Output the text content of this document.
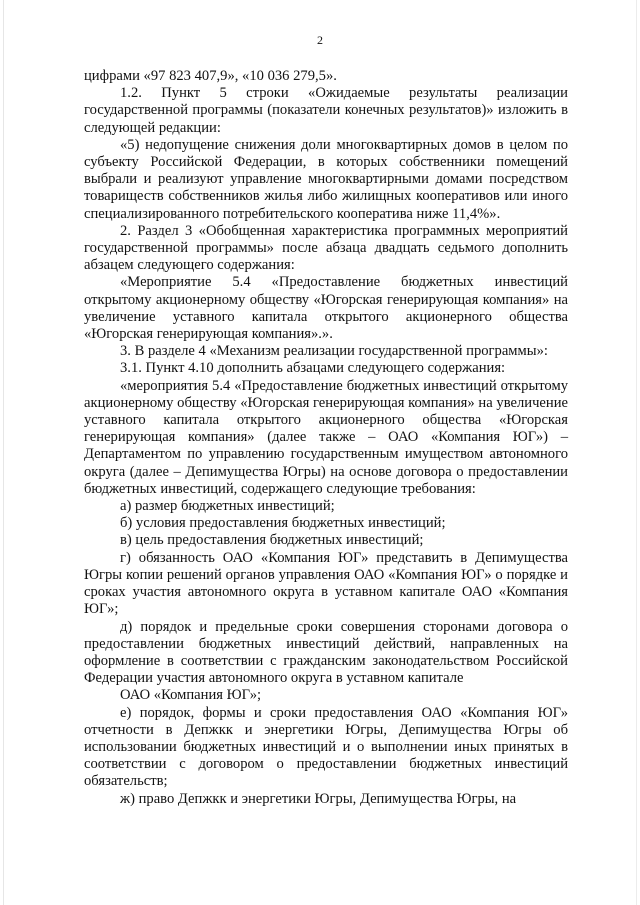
2

цифрами «97 823 407,9», «10 036 279,5».

1.2. Пункт 5 строки «Ожидаемые результаты реализации государственной программы (показатели конечных результатов)» изложить в следующей редакции:

«5) недопущение снижения доли многоквартирных домов в целом по субъекту Российской Федерации, в которых собственники помещений выбрали и реализуют управление многоквартирными домами посредством товариществ собственников жилья либо жилищных кооперативов или иного специализированного потребительского кооператива ниже 11,4%».

2. Раздел 3 «Обобщенная характеристика программных мероприятий государственной программы» после абзаца двадцать седьмого дополнить абзацем следующего содержания:

«Мероприятие 5.4 «Предоставление бюджетных инвестиций открытому акционерному обществу «Югорская генерирующая компания» на увеличение уставного капитала открытого акционерного общества «Югорская генерирующая компания».».

3. В разделе 4 «Механизм реализации государственной программы»:

3.1. Пункт 4.10 дополнить абзацами следующего содержания:

«мероприятия 5.4 «Предоставление бюджетных инвестиций открытому акционерному обществу «Югорская генерирующая компания» на увеличение уставного капитала открытого акционерного общества «Югорская генерирующая компания» (далее также – ОАО «Компания ЮГ») – Департаментом по управлению государственным имуществом автономного округа (далее – Депимущества Югры) на основе договора о предоставлении бюджетных инвестиций, содержащего следующие требования:

а) размер бюджетных инвестиций;

б) условия предоставления бюджетных инвестиций;

в) цель предоставления бюджетных инвестиций;

г) обязанность ОАО «Компания ЮГ» представить в Депимущества Югры копии решений органов управления ОАО «Компания ЮГ» о порядке и сроках участия автономного округа в уставном капитале ОАО «Компания ЮГ»;

д) порядок и предельные сроки совершения сторонами договора о предоставлении бюджетных инвестиций действий, направленных на оформление в соответствии с гражданским законодательством Российской Федерации участия автономного округа в уставном капитале

ОАО «Компания ЮГ»;

е) порядок, формы и сроки предоставления ОАО «Компания ЮГ» отчетности в Депжкк и энергетики Югры, Депимущества Югры об использовании бюджетных инвестиций и о выполнении иных принятых в соответствии с договором о предоставлении бюджетных инвестиций обязательств;

ж) право Депжкк и энергетики Югры, Депимущества Югры, на
